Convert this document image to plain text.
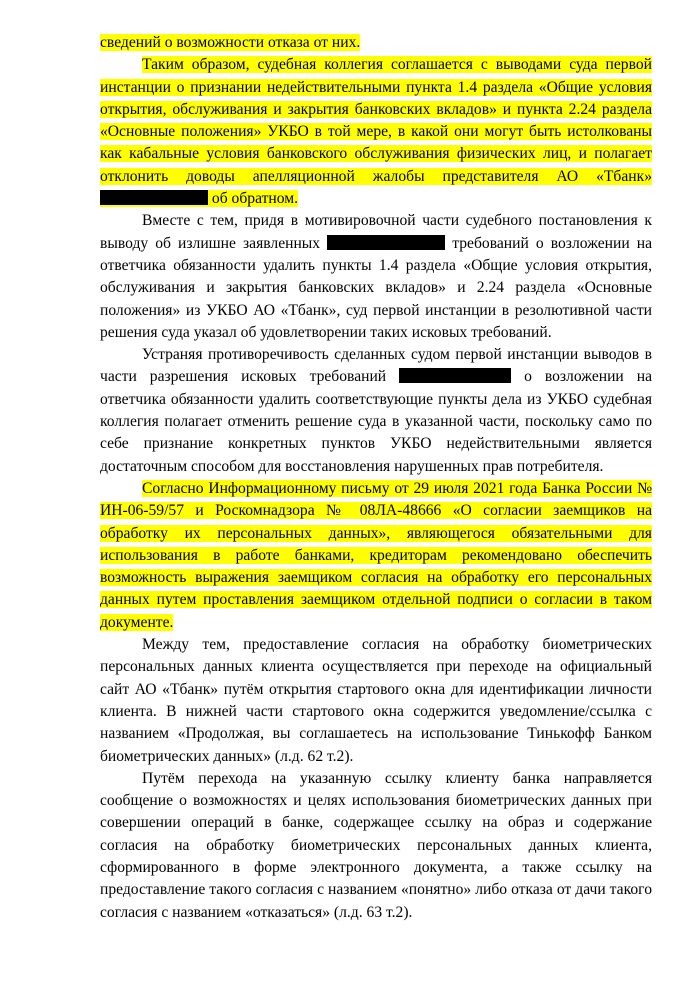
сведений о возможности отказа от них.

Таким образом, судебная коллегия соглашается с выводами суда первой инстанции о признании недействительными пункта 1.4 раздела «Общие условия открытия, обслуживания и закрытия банковских вкладов» и пункта 2.24 раздела «Основные положения» УКБО в той мере, в какой они могут быть истолкованы как кабальные условия банковского обслуживания физических лиц, и полагает отклонить доводы апелляционной жалобы представителя АО «Тбанк»  об обратном.

Вместе с тем, придя в мотивировочной части судебного постановления к выводу об излишне заявленных	требований о возложении на ответчика обязанности удалить пункты 1.4 раздела «Общие условия открытия, обслуживания и закрытия банковских вкладов» и 2.24 раздела «Основные положения» из УКБО АО «Тбанк», суд первой инстанции в резолютивной части решения суда указал об удовлетворении таких исковых требований.

Устраняя противоречивость сделанных судом первой инстанции выводов в части разрешения исковых требований	о возложении на ответчика обязанности удалить соответствующие пункты дела из УКБО судебная коллегия полагает отменить решение суда в указанной части, поскольку само по себе признание конкретных пунктов УКБО недействительными является достаточным способом для восстановления нарушенных прав потребителя.

Согласно Информационному письму от 29 июля 2021 года Банка России № ИН-06-59/57 и Роскомнадзора № 08ЛА-48666 «О согласии заемщиков на обработку их персональных данных», являющегося обязательными для использования в работе банками, кредиторам рекомендовано обеспечить возможность выражения заемщиком согласия на обработку его персональных данных путем проставления заемщиком отдельной подписи о согласии в таком документе.

Между тем, предоставление согласия на обработку биометрических персональных данных клиента осуществляется при переходе на официальный сайт АО «Тбанк» путём открытия стартового окна для идентификации личности клиента. В нижней части стартового окна содержится уведомление/ссылка с названием «Продолжая, вы соглашаетесь на использование Тинькофф Банком биометрических данных» (л.д. 62 т.2).

Путём перехода на указанную ссылку клиенту банка направляется сообщение о возможностях и целях использования биометрических данных при совершении операций в банке, содержащее ссылку на образ и содержание согласия на обработку биометрических персональных данных клиента, сформированного в форме электронного документа, а также ссылку на предоставление такого согласия с названием «понятно» либо отказа от дачи такого согласия с названием «отказаться» (л.д. 63 т.2).
